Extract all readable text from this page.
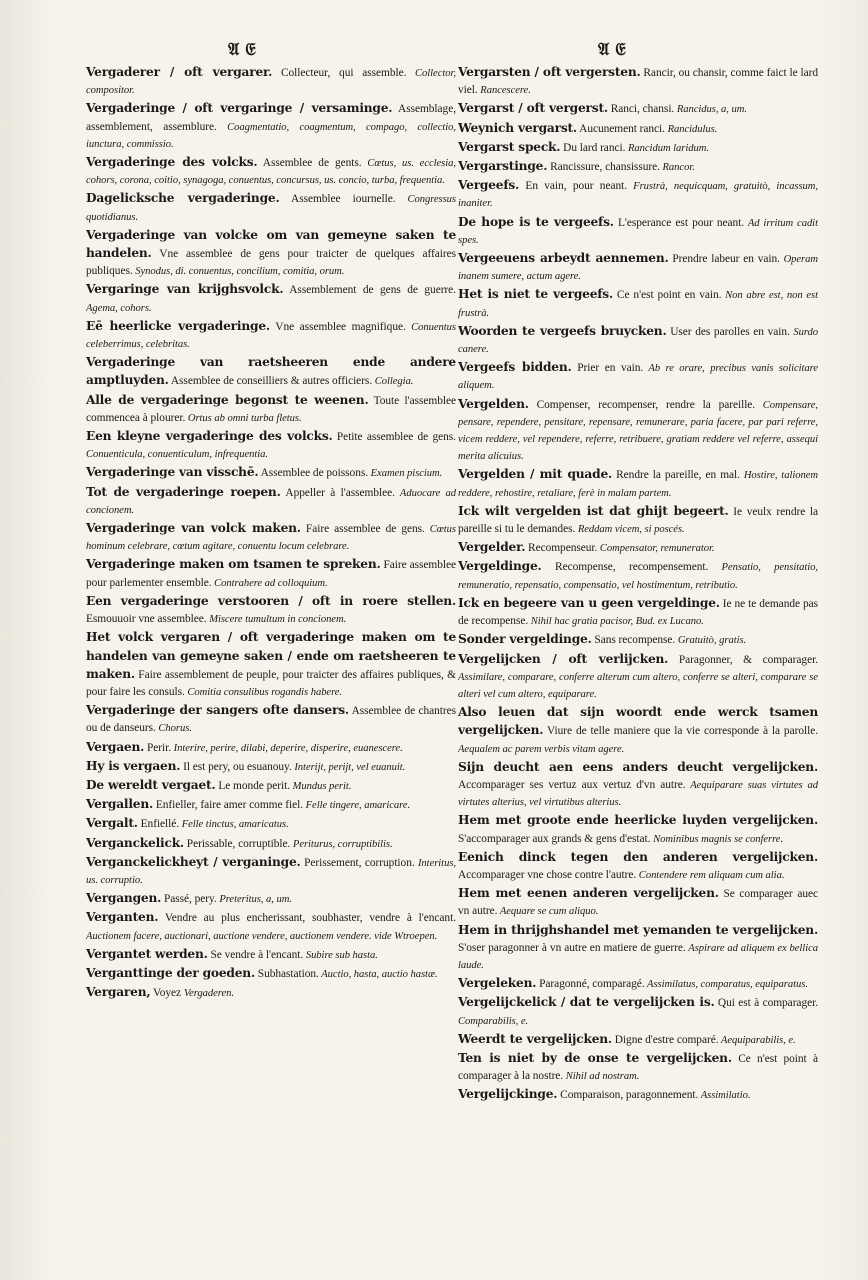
𝔄 𝔈	𝔄 𝔈

Vergaderer / oft vergarer. Collecteur, qui assemble. Collector, compositor.

Vergaderinge / oft vergaringe / versaminge. Assemblage, assemblement, assemblure. Coagmentatio, coagmentum, compago, collectio, iunctura, commissio.

Vergaderinge des volcks. Assemblee de gents. Cœtus, us. ecclesia, cohors, corona, coitio, synagoga, conuentus, concursus, us. concio, turba, frequentia.

Dagelicksche vergaderinge. Assemblee iournelle. Congressus quotidianus.

Vergaderinge van volcke om van gemeyne saken te handelen. Vne assemblee de gens pour traicter de quelques affaires publiques. Synodus, di. conuentus, concilium, comitia, orum.

Vergaringe van krijghsvolck. Assemblement de gens de guerre. Agema, cohors.

Eē heerlicke vergaderinge. Vne assemblee magnifique. Conuentus celeberrimus, celebritas.

Vergaderinge van raetsheeren ende andere amptluyden. Assemblee de conseilliers & autres officiers. Collegia.

Alle de vergaderinge begonst te weenen. Toute l'assemblee commencea à plourer. Ortus ab omni turba fletus.

Een kleyne vergaderinge des volcks. Petite assemblee de gens. Conuenticula, conuenticulum, infrequentia.

Vergaderinge van visschē. Assemblee de poissons. Examen piscium.

Tot de vergaderinge roepen. Appeller à l'assemblee. Aduocare ad concionem.

Vergaderinge van volck maken. Faire assemblee de gens. Cœtus hominum celebrare, cœtum agitare, conuentu locum celebrare.

Vergaderinge maken om tsamen te spreken. Faire assemblee pour parlementer ensemble. Contrahere ad colloquium.

Een vergaderinge verstooren / oft in roere stellen. Esmouuoir vne assemblee. Miscere tumultum in concionem.

Het volck vergaren / oft vergaderinge maken om te handelen van gemeyne saken / ende om raetsheeren te maken. Faire assemblement de peuple, pour traicter des affaires publiques, & pour faire les consuls. Comitia consulibus rogandis habere.

Vergaderinge der sangers ofte dansers. Assemblee de chantres ou de danseurs. Chorus.

Vergaen. Perir. Interire, perire, dilabi, deperire, disperire, euanescere.

Hy is vergaen. Il est pery, ou esuanouy. Interijt, perijt, vel euanuit.

De wereldt vergaet. Le monde perit. Mundus perit.

Vergallen. Enfieller, faire amer comme fiel. Felle tingere, amaricare.

Vergalt. Enfiellé. Felle tinctus, amaricatus.

Verganckelick. Perissable, corruptible. Periturus, corruptibilis.

Verganckelickheyt / verganinge. Perissement, corruption. Interitus, us. corruptio.

Vergangen. Passé, pery. Preteritus, a, um.

Verganten. Vendre au plus encherissant, soubhaster, vendre à l'encant. Auctionem facere, auctionari, auctione vendere, auctionem vendere. vide Wtroepen.

Vergantet werden. Se vendre à l'encant. Subire sub hasta.

Verganttinge der goeden. Subhastation. Auctio, hasta, auctio hastæ.

Vergaren, Voyez Vergaderen.

Vergarsten / oft vergersten. Rancir, ou chansir, comme faict le lard viel. Rancescere.

Vergarst / oft vergerst. Ranci, chansi. Rancidus, a, um.

Weynich vergarst. Aucunement ranci. Rancidulus.

Vergarst speck. Du lard ranci. Rancidum laridum.

Vergarstinge. Rancissure, chansissure. Rancor.

Vergeefs. En vain, pour neant. Frustrà, nequicquam, gratuitò, incassum, inaniter.

De hope is te vergeefs. L'esperance est pour neant. Ad irritum cadit spes.

Vergeeuens arbeydt aennemen. Prendre labeur en vain. Operam inanem sumere, actum agere.

Het is niet te vergeefs. Ce n'est point en vain. Non abre est, non est frustrà.

Woorden te vergeefs bruycken. User des parolles en vain. Surdo canere.

Vergeefs bidden. Prier en vain. Ab re orare, precibus vanis solicitare aliquem.

Vergelden. Compenser, recompenser, rendre la pareille. Compensare, pensare, rependere, pensitare, repensare, remunerare, paria facere, par pari referre, vicem reddere, vel rependere, referre, retribuere, gratiam reddere vel referre, assequi merita alicuius.

Vergelden / mit quade. Rendre la pareille, en mal. Hostire, talionem reddere, rehostire, retaliare, ferè in malam partem.

Ick wilt vergelden ist dat ghijt begeert. Ie veulx rendre la pareille si tu le demandes. Reddam vicem, si poscés.

Vergelder. Recompenseur. Compensator, remunerator.

Vergeldinge. Recompense, recompensement. Pensatio, pensitatio, remuneratio, repensatio, compensatio, vel hostimentum, retributio.

Ick en begeere van u geen vergeldinge. Ie ne te demande pas de recompense. Nihil hac gratia pacisor, Bud. ex Lucano.

Sonder vergeldinge. Sans recompense. Gratuitò, gratis.

Vergelijcken / oft verlijcken. Paragonner, & comparager. Assimilare, comparare, conferre alterum cum altero, conferre se alteri, comparare se alteri vel cum altero, equiparare.

Also leuen dat sijn woordt ende werck tsamen vergelijcken. Viure de telle maniere que la vie corresponde à la parolle. Aequalem ac parem verbis vitam agere.

Sijn deucht aen eens anders deucht vergelijcken. Accomparager ses vertuz aux vertuz d'vn autre. Aequiparare suas virtutes ad virtutes alterius, vel virtutibus alterius.

Hem met groote ende heerlicke luyden vergelijcken. S'accomparager aux grands & gens d'estat. Nominibus magnis se conferre.

Eenich dinck tegen den anderen vergelijcken. Accomparager vne chose contre l'autre. Contendere rem aliquam cum alia.

Hem met eenen anderen vergelijcken. Se comparager auec vn autre. Aequare se cum aliquo.

Hem in thrijghshandel met yemanden te vergelijcken. S'oser paragonner à vn autre en matiere de guerre. Aspirare ad aliquem ex bellica laude.

Vergeleken. Paragonné, comparagé. Assimilatus, comparatus, equiparatus.

Vergelijckelick / dat te vergelijcken is. Qui est à comparager. Comparabilis, e.

Weerdt te vergelijcken. Digne d'estre comparé. Aequiparabilis, e.

Ten is niet by de onse te vergelijcken. Ce n'est point à comparager à la nostre. Nihil ad nostram.

Vergelijckinge. Comparaison, paragonnement. Assimilatio.
